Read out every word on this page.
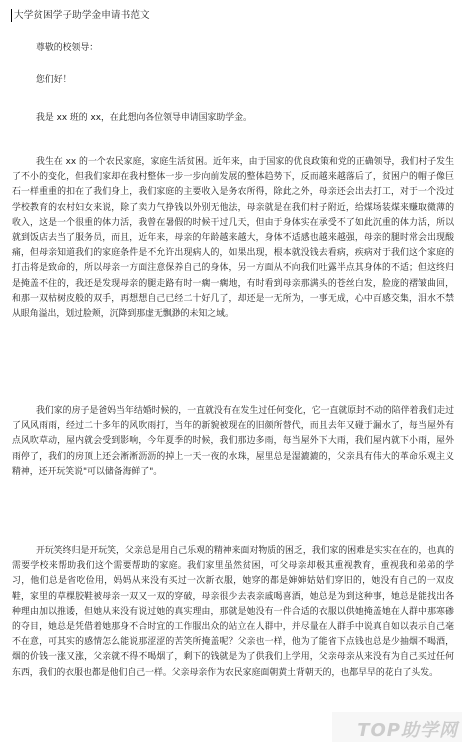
大学贫困学子助学金申请书范文
尊敬的校领导：
您们好！
我是 xx 班的 xx，在此想向各位领导申请国家助学金。

我生在 xx 的一个农民家庭，家庭生活贫困。近年来，由于国家的优良政策和党的正确领导，我们村子发生了不小的变化，但我们家却在我村整体一步一步向前发展的整体趋势下，反而越来越落后了，贫困户的帽子像巨石一样重重的扣在了我们身上，我们家庭的主要收入是务农所得，除此之外，母亲还会出去打工，对于一个没过学校教育的农村妇女来说，除了卖力气挣钱以外别无他法，母亲就是在我们村子附近，给煤场装煤来赚取微薄的收入，这是一个很重的体力活，我曾在暑假的时候干过几天，但由于身体实在承受不了如此沉重的体力活，所以就到饭店去当了服务员，而且，近年来，母亲的年龄越来越大，身体不适感也越来越强，母亲的腿时常会出现酸痛，但母亲知道我们的家庭条件是不允许出现病人的，如果出现，根本就没钱去看病，疾病对于我们这个家庭的打击将是致命的，所以母亲一方面注意保养自己的身体，另一方面从不向我们吐露半点其身体的不适；但这终归是掩盖不住的，我还是发现母亲的腿走路有时一瘸一瘸地，有时看到母亲那满头的苍丝白发，脸庞的褶皱曲回，和那一双枯树皮般的双手，再想想自己已经二十好几了，却还是一无所为，一事无成，心中百感交集，泪水不禁从眼角溢出，划过脸颊，沉降到那虚无飘渺的未知之域。

我们家的房子是爸妈当年结婚时候的，一直就没有在发生过任何变化，它一直就原封不动的陪伴着我们走过了风风雨雨，经过二十多年的风吹雨打，当年的新貌被现在的旧颜所替代，而且去年又碰于漏水了，每当屋外有点风吹草动，屋内就会受到影响，今年夏季的时候，我们那边多雨，每当屋外下大雨，我们屋内就下小雨，屋外雨停了，我们的房顶上还会淅淅沥沥的掉上一天一夜的水珠，屋里总是湿漉漉的，父亲具有伟大的革命乐观主义精神，还开玩笑说"可以储备海鲜了"。

开玩笑终归是开玩笑，父亲总是用自己乐观的精神来面对物质的困乏，我们家的困难是实实在在的，也真的需要学校来帮助我们这个需要帮助的家庭。我们家里虽然贫困，可父母亲却极其重视教育，重视我和弟弟的学习，他们总是省吃俭用，妈妈从来没有买过一次新衣服，她穿的都是婶婶姑姑们穿旧的，她没有自己的一双皮鞋，家里的草棵胶鞋被母亲一双又一双的穿破，母亲很少去表亲戚喝喜酒，她总是为到这种事，她总是能找出各种理由加以推诿，但她从来没有说过她的真实理由，那就是她没有一件合适的衣服以供她掩盖她在人群中那寒碜的夺目，她总是凭借着她那身不合时宜的工作服出众的站立在人群中，并尽量在人群手中说真自如以表示自己毫不在意，可其实的感情怎么能说那涩涩的苦笑所掩盖呢？父亲也一样，他为了能省下点钱也总是少抽烟不喝酒，烟的价钱一涨又涨，父亲就不得不喝烟了，剩下的钱就是为了供我们上学用，父亲母亲从来没有为自己买过任何东西，我们的衣服也都是他们自己一样。父亲母亲作为农民家庭面朝黄土背朝天的，也都早早的花白了头发。

TOP助学网
